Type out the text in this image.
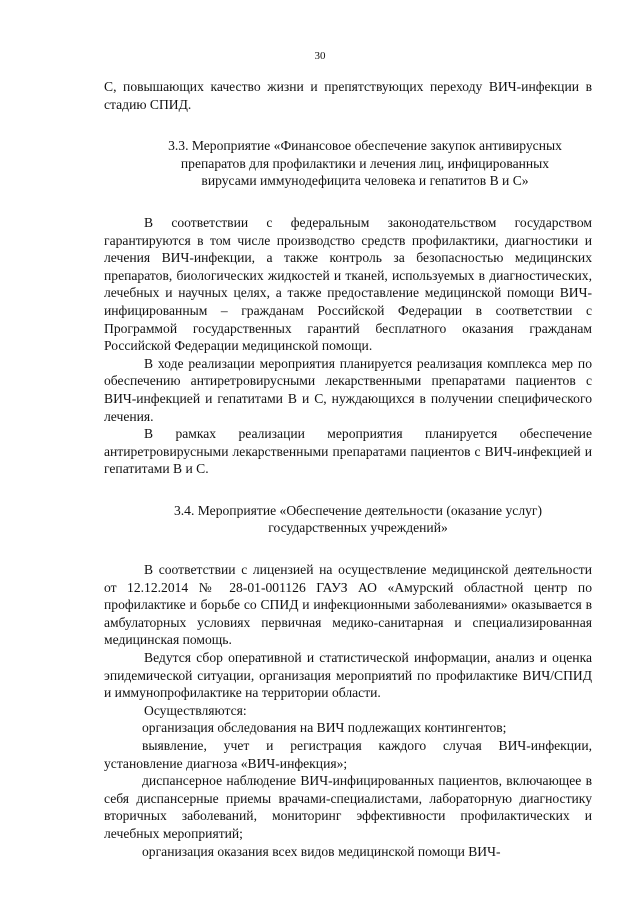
30

С, повышающих качество жизни и препятствующих переходу ВИЧ-инфекции в стадию СПИД.

3.3. Мероприятие «Финансовое обеспечение закупок антивирусных препаратов для профилактики и лечения лиц, инфицированных вирусами иммунодефицита человека и гепатитов В и С»

В соответствии с федеральным законодательством государством гарантируются в том числе производство средств профилактики, диагностики и лечения ВИЧ-инфекции, а также контроль за безопасностью медицинских препаратов, биологических жидкостей и тканей, используемых в диагностических, лечебных и научных целях, а также предоставление медицинской помощи ВИЧ-инфицированным – гражданам Российской Федерации в соответствии с Программой государственных гарантий бесплатного оказания гражданам Российской Федерации медицинской помощи.

В ходе реализации мероприятия планируется реализация комплекса мер по обеспечению антиретровирусными лекарственными препаратами пациентов с ВИЧ-инфекцией и гепатитами В и С, нуждающихся в получении специфического лечения.

В рамках реализации мероприятия планируется обеспечение антиретровирусными лекарственными препаратами пациентов с ВИЧ-инфекцией и гепатитами В и С.

3.4. Мероприятие «Обеспечение деятельности (оказание услуг) государственных учреждений»

В соответствии с лицензией на осуществление медицинской деятельности от 12.12.2014 № 28-01-001126 ГАУЗ АО «Амурский областной центр по профилактике и борьбе со СПИД и инфекционными заболеваниями» оказывается в амбулаторных условиях первичная медико-санитарная и специализированная медицинская помощь.

Ведутся сбор оперативной и статистической информации, анализ и оценка эпидемической ситуации, организация мероприятий по профилактике ВИЧ/СПИД и иммунопрофилактике на территории области.

Осуществляются:

организация обследования на ВИЧ подлежащих контингентов;

выявление, учет и регистрация каждого случая ВИЧ-инфекции, установление диагноза «ВИЧ-инфекция»;

диспансерное наблюдение ВИЧ-инфицированных пациентов, включающее в себя диспансерные приемы врачами-специалистами, лабораторную диагностику вторичных заболеваний, мониторинг эффективности профилактических и лечебных мероприятий;

организация оказания всех видов медицинской помощи ВИЧ-
